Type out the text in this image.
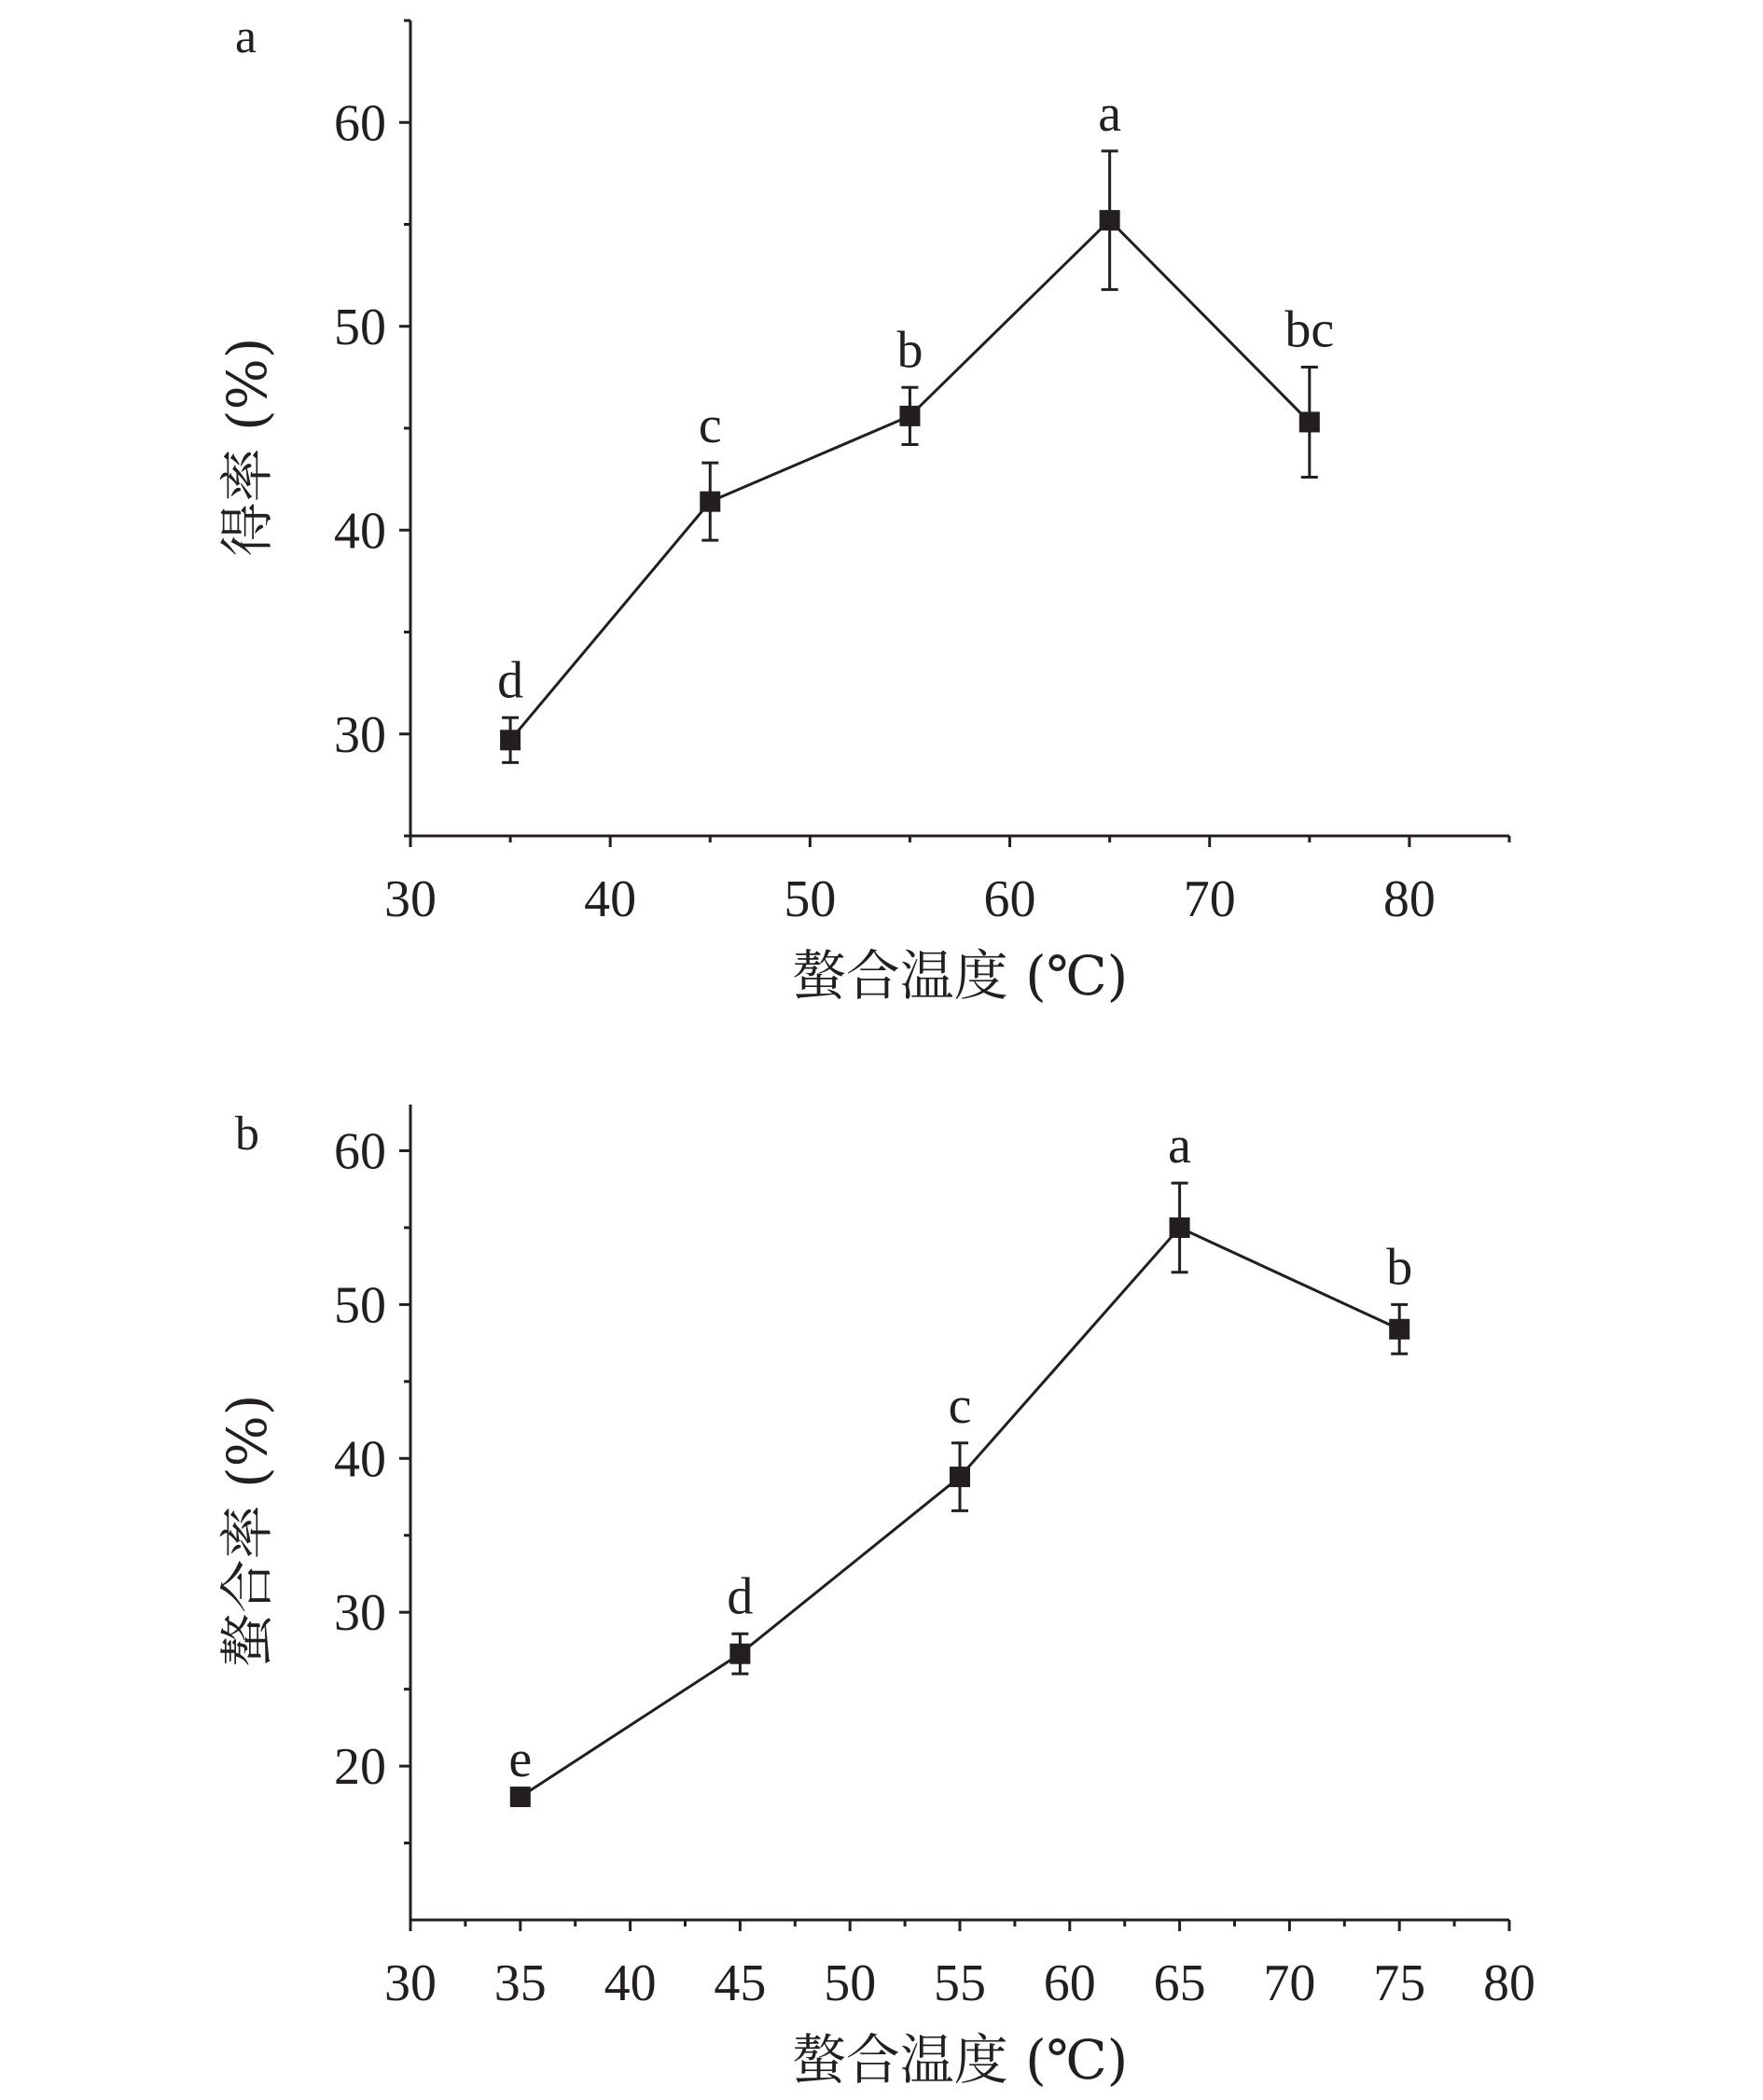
30	40	50	60	70	80
30
40
50
60
螯合温度 (℃)
得率 (%)
a
d
c
b
a
bc
30 35 40 45 50 55 60 65 70 75 80
20
30
40
50
60
螯合温度 (℃)
螯合率 (%)
b
e
d
c
a
b
